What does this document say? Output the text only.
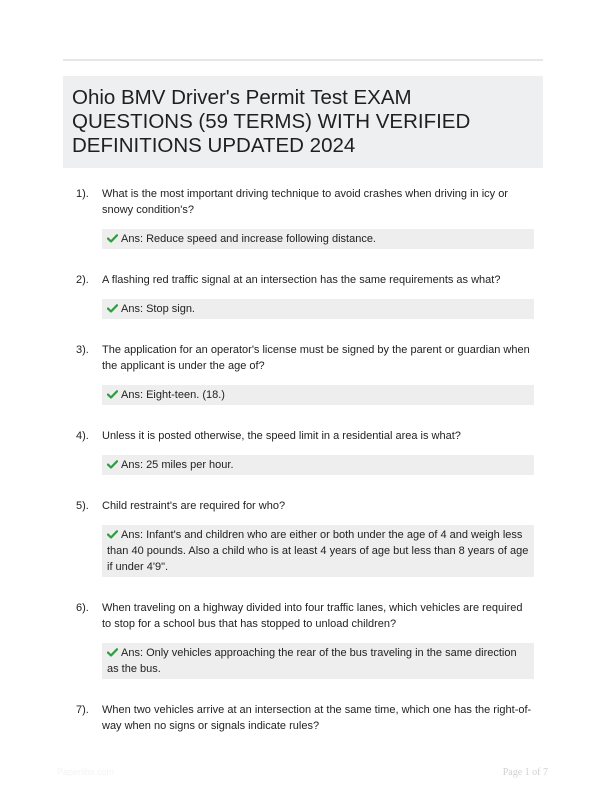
Ohio BMV Driver's Permit Test EXAM QUESTIONS (59 TERMS) WITH VERIFIED DEFINITIONS UPDATED 2024
1). What is the most important driving technique to avoid crashes when driving in icy or snowy condition's?
Ans: Reduce speed and increase following distance.
2). A flashing red traffic signal at an intersection has the same requirements as what?
Ans: Stop sign.
3). The application for an operator's license must be signed by the parent or guardian when the applicant is under the age of?
Ans: Eight-teen. (18.)
4). Unless it is posted otherwise, the speed limit in a residential area is what?
Ans: 25 miles per hour.
5). Child restraint's are required for who?
Ans: Infant's and children who are either or both under the age of 4 and weigh less than 40 pounds. Also a child who is at least 4 years of age but less than 8 years of age if under 4'9".
6). When traveling on a highway divided into four traffic lanes, which vehicles are required to stop for a school bus that has stopped to unload children?
Ans: Only vehicles approaching the rear of the bus traveling in the same direction as the bus.
7). When two vehicles arrive at an intersection at the same time, which one has the right-of-way when no signs or signals indicate rules?
Paperlibir.com	Page 1 of 7
